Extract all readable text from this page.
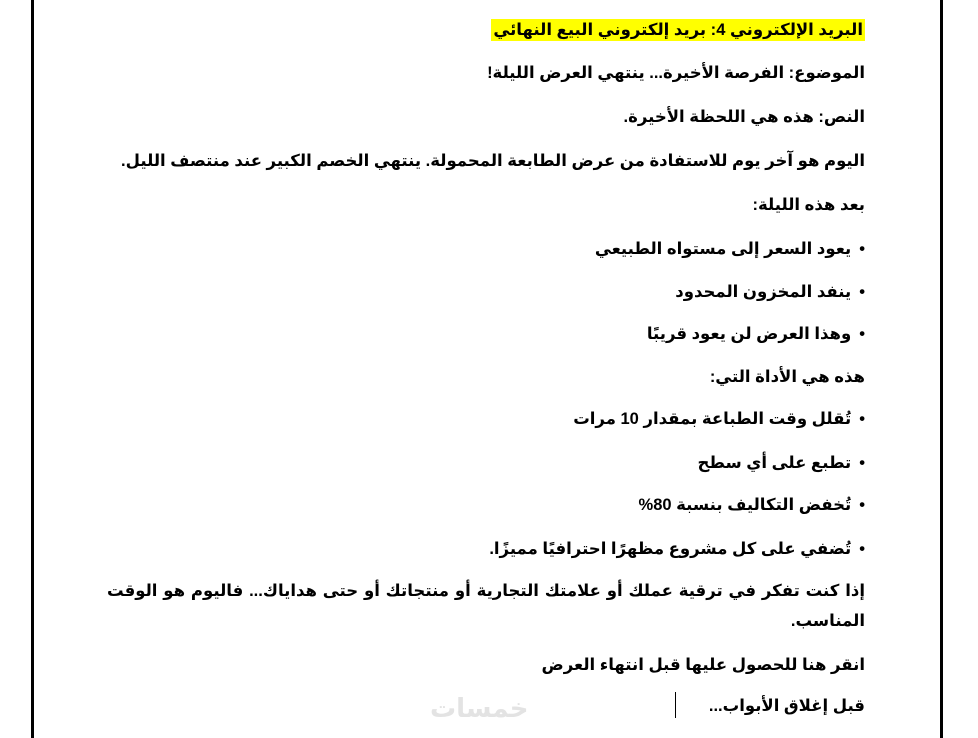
البريد الإلكتروني 4: بريد إلكتروني البيع النهائي
الموضوع: الفرصة الأخيرة... ينتهي العرض الليلة!
النص: هذه هي اللحظة الأخيرة.
اليوم هو آخر يوم للاستفادة من عرض الطابعة المحمولة. ينتهي الخصم الكبير عند منتصف الليل.
بعد هذه الليلة:
•يعود السعر إلى مستواه الطبيعي
•ينفد المخزون المحدود
•وهذا العرض لن يعود قريبًا
هذه هي الأداة التي:
•تُقلل وقت الطباعة بمقدار 10 مرات
•تطبع على أي سطح
•تُخفض التكاليف بنسبة 80%
•تُضفي على كل مشروع مظهرًا احترافيًا مميزًا.
إذا كنت تفكر في ترقية عملك أو علامتك التجارية أو منتجاتك أو حتى هداياك... فاليوم هو الوقت المناسب.
انقر هنا للحصول عليها قبل انتهاء العرض
قبل إغلاق الأبواب...
خمسات
